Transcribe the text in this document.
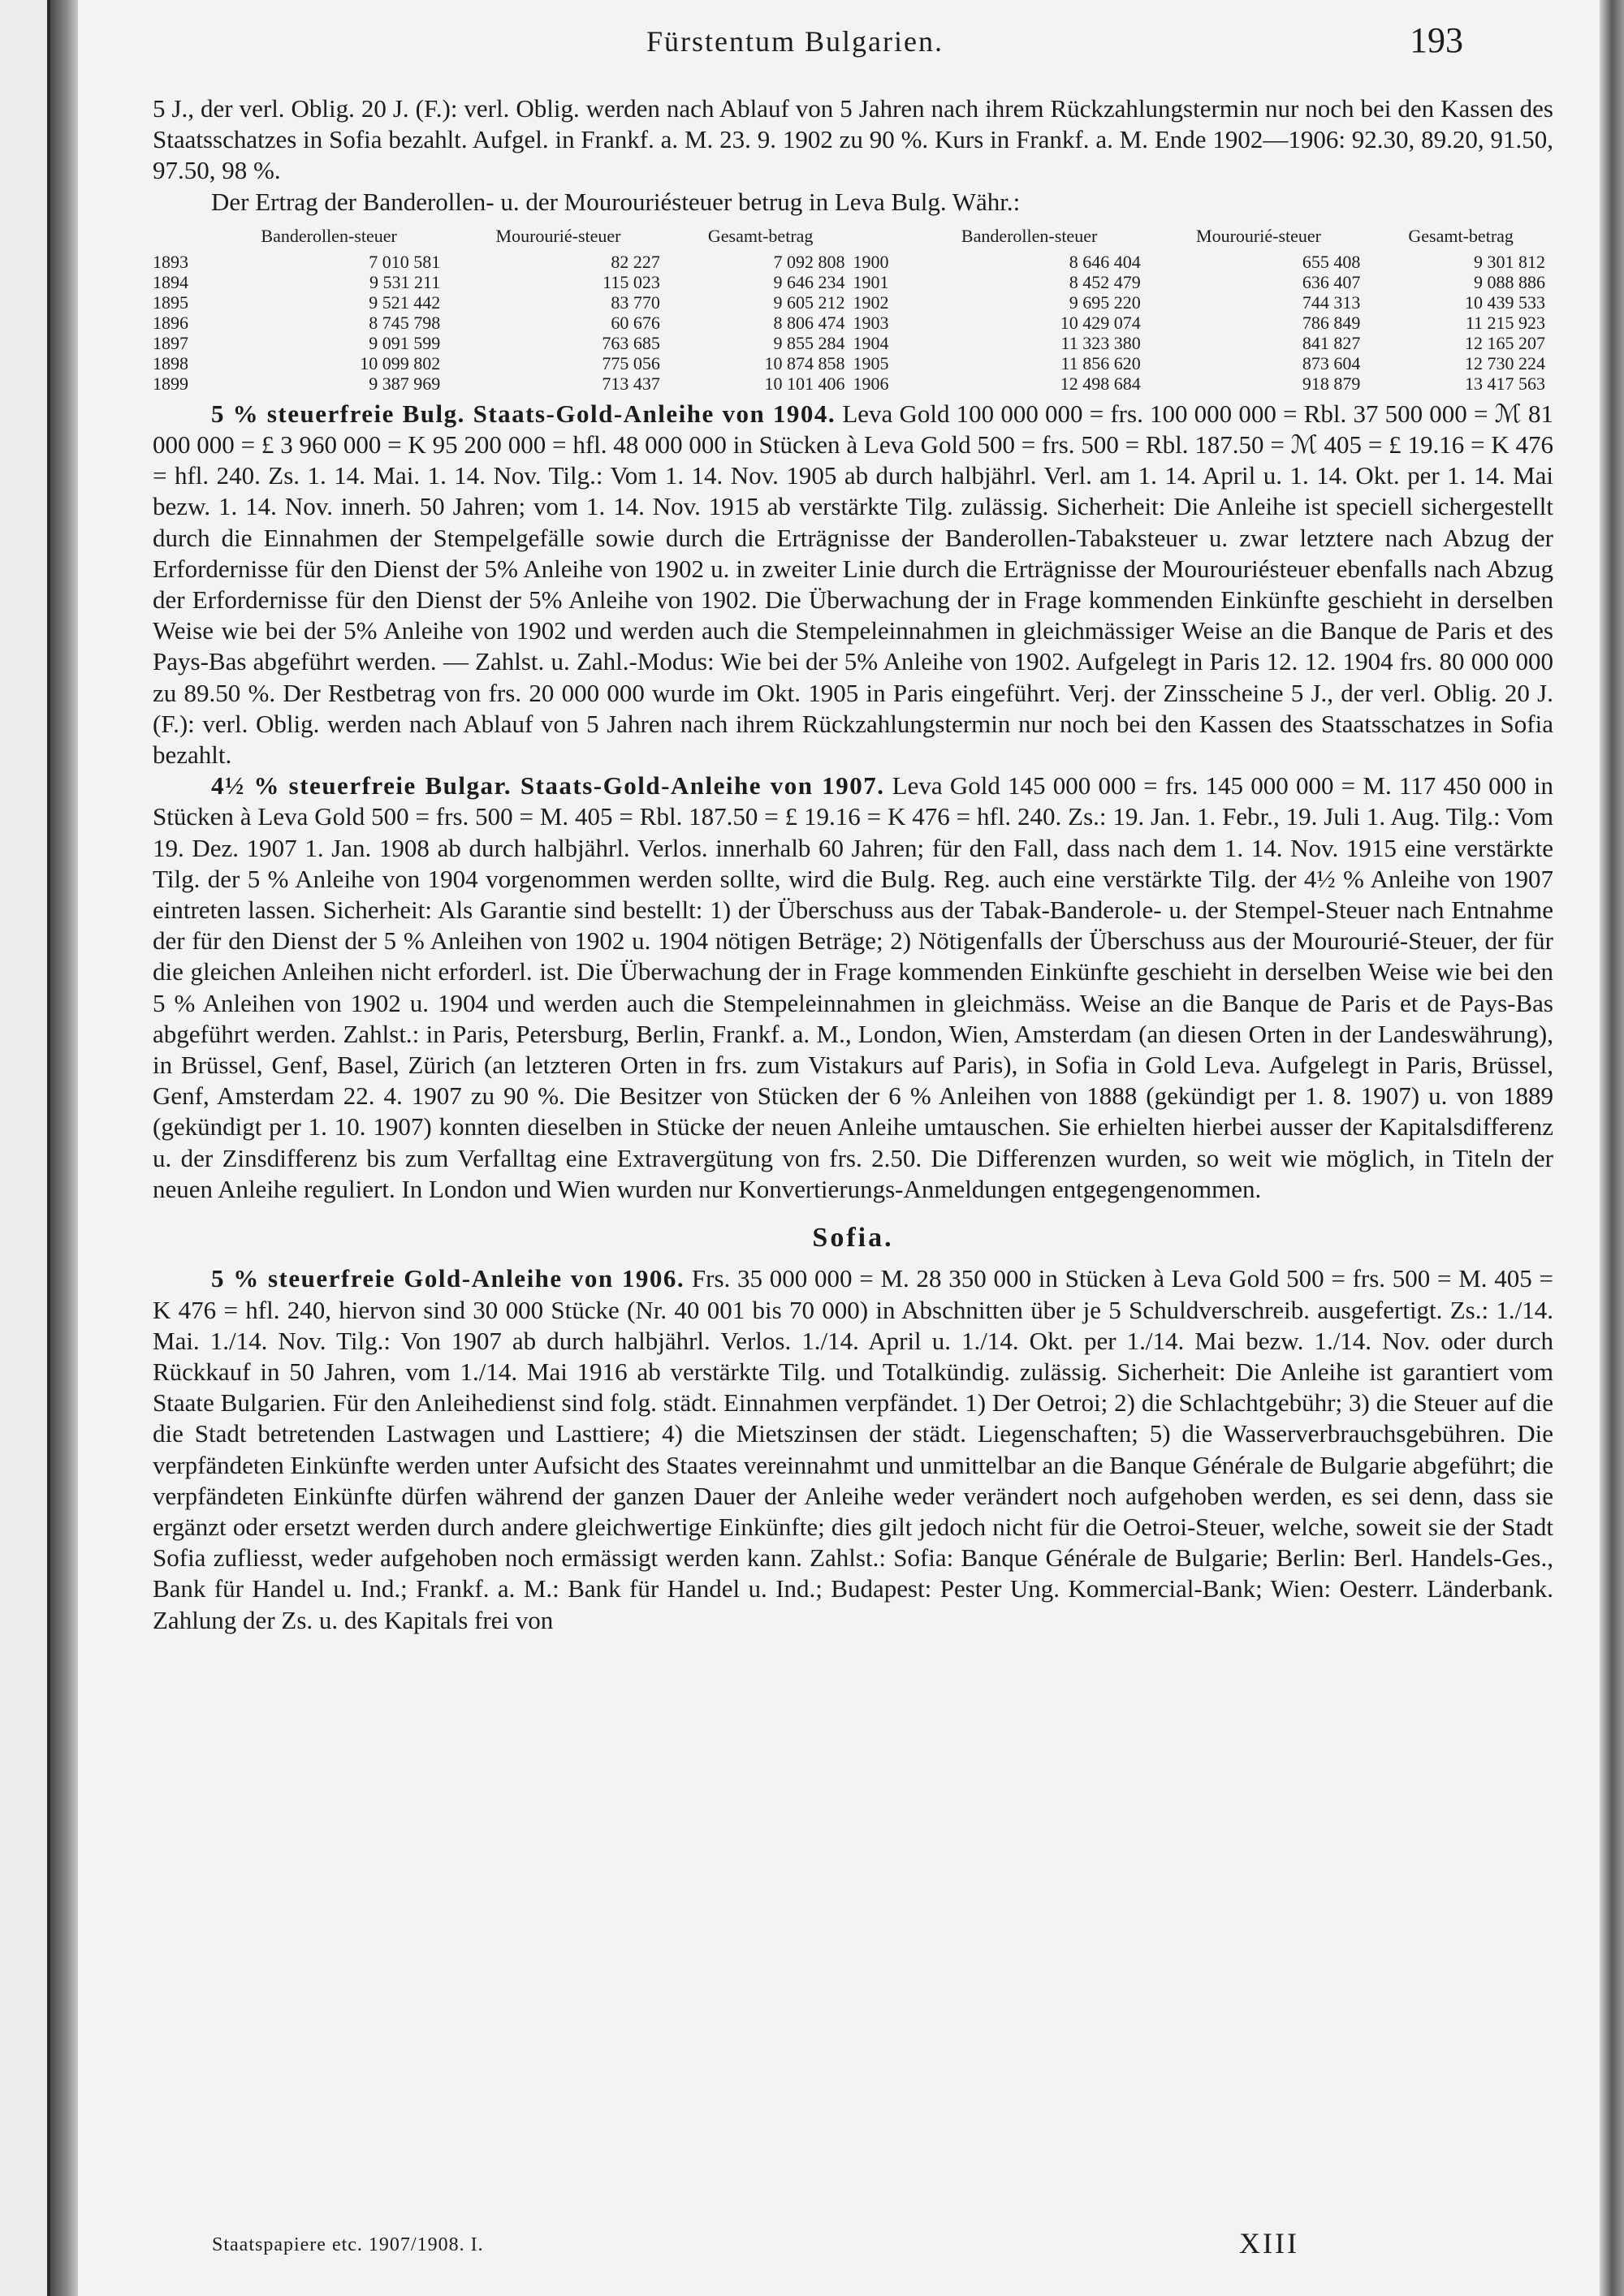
Fürstentum Bulgarien.	193

5 J., der verl. Oblig. 20 J. (F.): verl. Oblig. werden nach Ablauf von 5 Jahren nach ihrem Rückzahlungstermin nur noch bei den Kassen des Staatsschatzes in Sofia bezahlt. Aufgel. in Frankf. a. M. 23. 9. 1902 zu 90 %. Kurs in Frankf. a. M. Ende 1902—1906: 92.30, 89.20, 91.50, 97.50, 98 %.

Der Ertrag der Banderollen- u. der Mourouriésteuer betrug in Leva Bulg. Währ.:

	Banderollen-steuer	Mourourié-steuer	Gesamt-betrag		Banderollen-steuer	Mourourié-steuer	Gesamt-betrag
1893	7 010 581	82 227	7 092 808	1900	8 646 404	655 408	9 301 812
1894	9 531 211	115 023	9 646 234	1901	8 452 479	636 407	9 088 886
1895	9 521 442	83 770	9 605 212	1902	9 695 220	744 313	10 439 533
1896	8 745 798	60 676	8 806 474	1903	10 429 074	786 849	11 215 923
1897	9 091 599	763 685	9 855 284	1904	11 323 380	841 827	12 165 207
1898	10 099 802	775 056	10 874 858	1905	11 856 620	873 604	12 730 224
1899	9 387 969	713 437	10 101 406	1906	12 498 684	918 879	13 417 563

5 % steuerfreie Bulg. Staats-Gold-Anleihe von 1904. Leva Gold 100 000 000 = frs. 100 000 000 = Rbl. 37 500 000 = ℳ 81 000 000 = £ 3 960 000 = K 95 200 000 = hfl. 48 000 000 in Stücken à Leva Gold 500 = frs. 500 = Rbl. 187.50 = ℳ 405 = £ 19.16 = K 476 = hfl. 240. Zs. 1. 14. Mai. 1. 14. Nov. Tilg.: Vom 1. 14. Nov. 1905 ab durch halbjährl. Verl. am 1. 14. April u. 1. 14. Okt. per 1. 14. Mai bezw. 1. 14. Nov. innerh. 50 Jahren; vom 1. 14. Nov. 1915 ab verstärkte Tilg. zulässig. Sicherheit: Die Anleihe ist speciell sichergestellt durch die Einnahmen der Stempelgefälle sowie durch die Erträgnisse der Banderollen-Tabaksteuer u. zwar letztere nach Abzug der Erfordernisse für den Dienst der 5% Anleihe von 1902 u. in zweiter Linie durch die Erträgnisse der Mourouriésteuer ebenfalls nach Abzug der Erfordernisse für den Dienst der 5% Anleihe von 1902. Die Überwachung der in Frage kommenden Einkünfte geschieht in derselben Weise wie bei der 5% Anleihe von 1902 und werden auch die Stempeleinnahmen in gleichmässiger Weise an die Banque de Paris et des Pays-Bas abgeführt werden. — Zahlst. u. Zahl.-Modus: Wie bei der 5% Anleihe von 1902. Aufgelegt in Paris 12. 12. 1904 frs. 80 000 000 zu 89.50 %. Der Restbetrag von frs. 20 000 000 wurde im Okt. 1905 in Paris eingeführt. Verj. der Zinsscheine 5 J., der verl. Oblig. 20 J. (F.): verl. Oblig. werden nach Ablauf von 5 Jahren nach ihrem Rückzahlungstermin nur noch bei den Kassen des Staatsschatzes in Sofia bezahlt.

4½ % steuerfreie Bulgar. Staats-Gold-Anleihe von 1907. Leva Gold 145 000 000 = frs. 145 000 000 = M. 117 450 000 in Stücken à Leva Gold 500 = frs. 500 = M. 405 = Rbl. 187.50 = £ 19.16 = K 476 = hfl. 240. Zs.: 19. Jan. 1. Febr., 19. Juli 1. Aug. Tilg.: Vom 19. Dez. 1907 1. Jan. 1908 ab durch halbjährl. Verlos. innerhalb 60 Jahren; für den Fall, dass nach dem 1. 14. Nov. 1915 eine verstärkte Tilg. der 5 % Anleihe von 1904 vorgenommen werden sollte, wird die Bulg. Reg. auch eine verstärkte Tilg. der 4½ % Anleihe von 1907 eintreten lassen. Sicherheit: Als Garantie sind bestellt: 1) der Überschuss aus der Tabak-Banderole- u. der Stempel-Steuer nach Entnahme der für den Dienst der 5 % Anleihen von 1902 u. 1904 nötigen Beträge; 2) Nötigenfalls der Überschuss aus der Mourourié-Steuer, der für die gleichen Anleihen nicht erforderl. ist. Die Überwachung der in Frage kommenden Einkünfte geschieht in derselben Weise wie bei den 5 % Anleihen von 1902 u. 1904 und werden auch die Stempeleinnahmen in gleichmäss. Weise an die Banque de Paris et de Pays-Bas abgeführt werden. Zahlst.: in Paris, Petersburg, Berlin, Frankf. a. M., London, Wien, Amsterdam (an diesen Orten in der Landeswährung), in Brüssel, Genf, Basel, Zürich (an letzteren Orten in frs. zum Vistakurs auf Paris), in Sofia in Gold Leva. Aufgelegt in Paris, Brüssel, Genf, Amsterdam 22. 4. 1907 zu 90 %. Die Besitzer von Stücken der 6 % Anleihen von 1888 (gekündigt per 1. 8. 1907) u. von 1889 (gekündigt per 1. 10. 1907) konnten dieselben in Stücke der neuen Anleihe umtauschen. Sie erhielten hierbei ausser der Kapitalsdifferenz u. der Zinsdifferenz bis zum Verfalltag eine Extravergütung von frs. 2.50. Die Differenzen wurden, so weit wie möglich, in Titeln der neuen Anleihe reguliert. In London und Wien wurden nur Konvertierungs-Anmeldungen entgegengenommen.

Sofia.

5 % steuerfreie Gold-Anleihe von 1906. Frs. 35 000 000 = M. 28 350 000 in Stücken à Leva Gold 500 = frs. 500 = M. 405 = K 476 = hfl. 240, hiervon sind 30 000 Stücke (Nr. 40 001 bis 70 000) in Abschnitten über je 5 Schuldverschreib. ausgefertigt. Zs.: 1./14. Mai. 1./14. Nov. Tilg.: Von 1907 ab durch halbjährl. Verlos. 1./14. April u. 1./14. Okt. per 1./14. Mai bezw. 1./14. Nov. oder durch Rückkauf in 50 Jahren, vom 1./14. Mai 1916 ab verstärkte Tilg. und Totalkündig. zulässig. Sicherheit: Die Anleihe ist garantiert vom Staate Bulgarien. Für den Anleihedienst sind folg. städt. Einnahmen verpfändet. 1) Der Oetroi; 2) die Schlachtgebühr; 3) die Steuer auf die die Stadt betretenden Lastwagen und Lasttiere; 4) die Mietszinsen der städt. Liegenschaften; 5) die Wasserverbrauchsgebühren. Die verpfändeten Einkünfte werden unter Aufsicht des Staates vereinnahmt und unmittelbar an die Banque Générale de Bulgarie abgeführt; die verpfändeten Einkünfte dürfen während der ganzen Dauer der Anleihe weder verändert noch aufgehoben werden, es sei denn, dass sie ergänzt oder ersetzt werden durch andere gleichwertige Einkünfte; dies gilt jedoch nicht für die Oetroi-Steuer, welche, soweit sie der Stadt Sofia zufliesst, weder aufgehoben noch ermässigt werden kann. Zahlst.: Sofia: Banque Générale de Bulgarie; Berlin: Berl. Handels-Ges., Bank für Handel u. Ind.; Frankf. a. M.: Bank für Handel u. Ind.; Budapest: Pester Ung. Kommercial-Bank; Wien: Oesterr. Länderbank. Zahlung der Zs. u. des Kapitals frei von

Staatspapiere etc. 1907/1908. I.	XIII
